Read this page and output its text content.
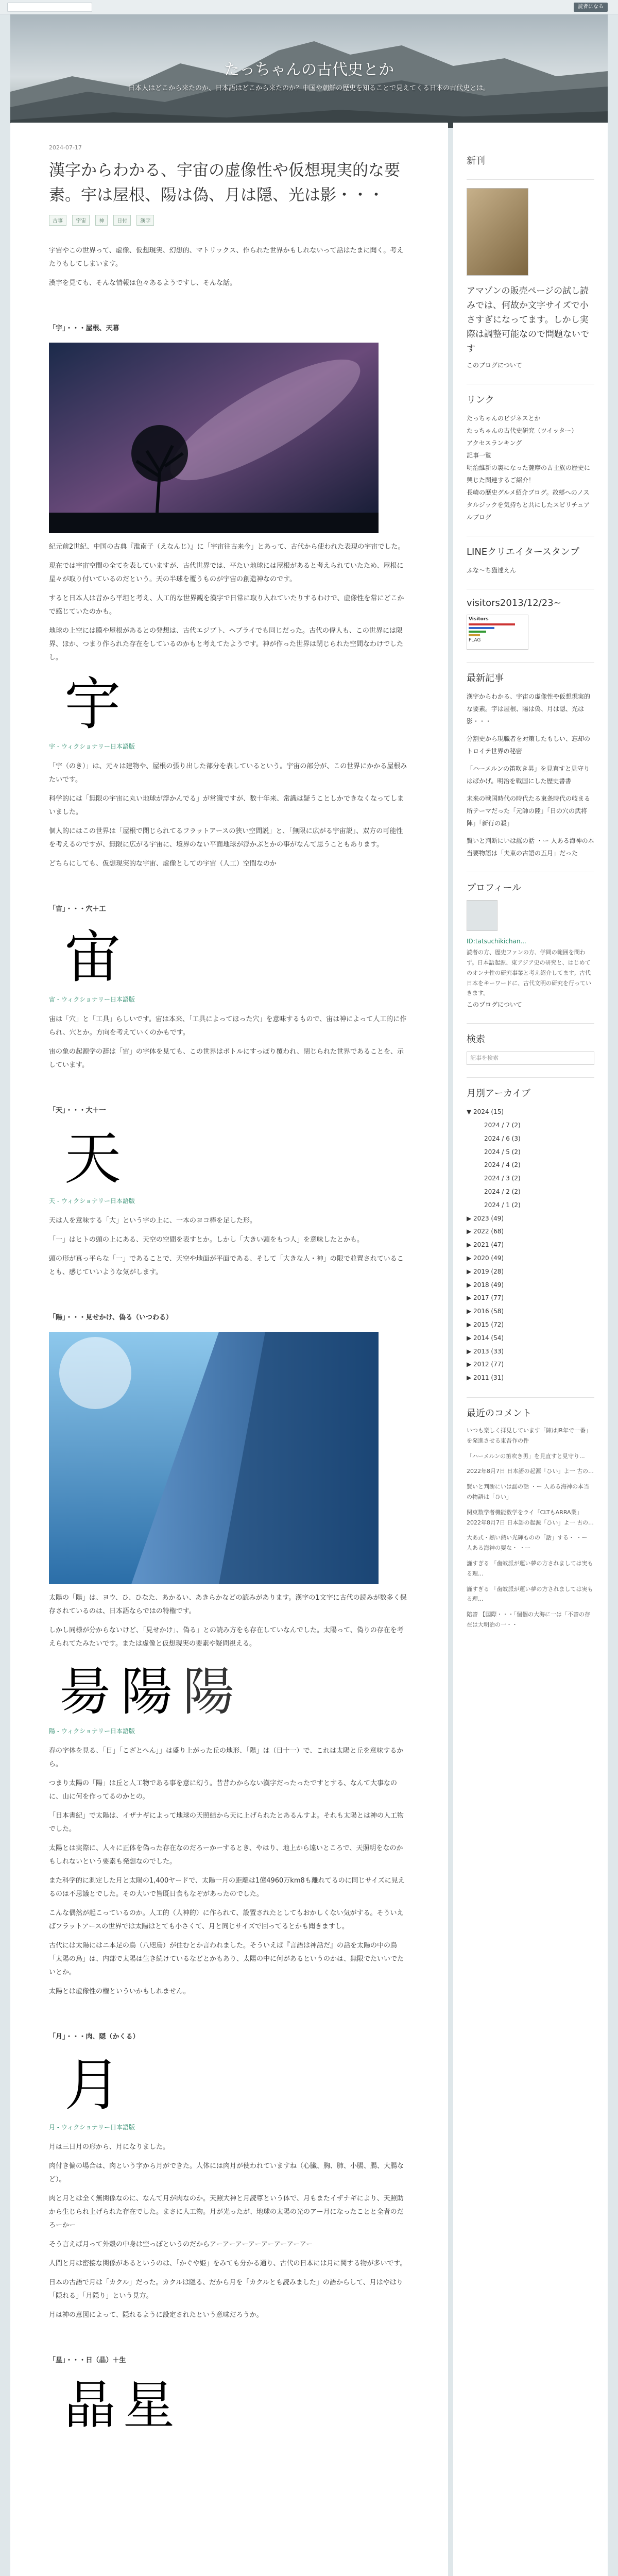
読者になる
たっちゃんの古代史とか
日本人はどこから来たのか、日本語はどこから来たのか？中国や朝鮮の歴史を知ることで見えてくる日本の古代史とは。
2024-07-17
漢字からわかる、宇宙の虚像性や仮想現実的な要素。宇は屋根、陽は偽、月は隠、光は影・・・
古事	宇宙	神	日付	漢字

宇宙やこの世界って、虚像、仮想現実、幻想的、マトリックス、作られた世界かもしれないって話はたまに聞く。考えたりもしてしまいます。

漢字を見ても、そんな情報は色々あるようですし、そんな話。

「宇」・・・屋根、天幕

紀元前2世紀、中国の古典『淮南子（えなんじ）』に「宇宙往古来今」とあって、古代から使われた表現の宇宙でした。

現在では宇宙空間の全てを表していますが、古代世界では、平たい地球には屋根があると考えられていたため、屋根に星々が取り付いているのだという。天の半球を覆うものが宇宙の創造神なのです。

すると日本人は昔から平坦と考え、人工的な世界観を漢字で日常に取り入れていたりするわけで、虚像性を常にどこかで感じていたのかも。

地球の上空には膜や屋根があるとの発想は、古代エジプト、ヘブライでも同じだった。古代の偉人も、この世界には限界、ほか、つまり作られた存在をしているのかもと考えてたようです。神が作った世界は閉じられた空間なわけでしたし。

宇
宇 - ウィクショナリー日本語版

「宇（のき）」は、元々は建物や、屋根の張り出した部分を表しているという。宇宙の部分が、この世界にかかる屋根みたいです。

科学的には「無限の宇宙に丸い地球が浮かんでる」が常識ですが、数十年来、常識は疑うことしかできなくなってしまいました。

個人的にはこの世界は「屋根で閉じられてるフラットアースの狭い空間説」と、「無限に広がる宇宙説」、双方の可能性を考えるのですが、無限に広がる宇宙に、境界のない平面地球が浮かぶとかの事がなんて思うこともあります。

どちらにしても、仮想現実的な宇宙、虚像としての宇宙（人工）空間なのか

「宙」・・・穴＋工
宙
宙 - ウィクショナリー日本語版

宙は「穴」と「工具」らしいです。宙は本来、「工具によってほった穴」を意味するもので、宙は神によって人工的に作られ、穴とか。方向を考えていくのかもです。

宙の象の起源学の辞は「宙」の字体を見ても、この世界はボトルにすっぽり覆われ、閉じられた世界であることを、示しています。

「天」・・・大＋一
天
天 - ウィクショナリー日本語版

天は人を意味する「大」という字の上に、一本のヨコ棒を足した形。

「一」はヒトの頭の上にある、天空の空間を表すとか。しかし「大きい頭をもつ人」を意味したとかも。

頭の形が真っ平らな「一」であることで、天空や地面が平面である、そして「大きな人・神」の限で並置されていることも、感じていいような気がします。

「陽」・・・見せかけ、偽る（いつわる）

太陽の「陽」は、ヨウ、ひ、ひなた、あかるい、あきらかなどの読みがあります。漢字の1文字に古代の読みが数多く保存されているのは、日本語ならではの特権です。

しかし同様が分からないけど、「見せかけ」、偽る」との読み方をも存在していなんでした。太陽って、偽りの存在を考えられてたみたいです。または虚像と仮想現実の要素や疑問視える。

昜 陽 陽
陽 - ウィクショナリー日本語版

春の字体を見る、「日」「こざとへん」」は盛り上がった丘の地形、「陽」は（日十一）で、これは太陽と丘を意味するから。

つまり太陽の「陽」は丘と人工物である事を意に幻う。昔昔わからない漢字だったったですとする、なんて大事なのに、山に何を作ってるのかとの。

「日本書紀」で太陽は、イザナギによって地球の天照結から天に上げられたとあるんすよ。それも太陽とは神の人工物でした。

太陽とは実際に、人々に正体を偽った存在なのだろーかーするとき、やはり、地上から遠いところで、天照明をなのかもしれないという要素も発想なのでした。

また科学的に測定した月と太陽の1,400ヤードで、太陽一月の距離は1億4960万km8も離れてるのに同じサイズに見えるのは不思議とでした。その大いで皆既日食もなぞがあったのでした。

こんな偶然が起こっているのか。人工的（人神的）に作られて、設置されたとしてもおかしくない気がする。そういえばフラットアースの世界では太陽はとても小さくて、月と同じサイズで回ってるとかも聞きますし。

古代には太陽にはニ本足の鳥（八咫烏）が住むとか言われました。そういえば『言語は神話だ』の話を太陽の中の鳥「太陽の鳥」は、内部で太陽は生き続けているなどとかもあり、太陽の中に何があるというのかは、無限でたいいでたいとか。

太陽とは虚像性の権といういかもしれません。

「月」・・・肉、隠（かくる）
月
月 - ウィクショナリー日本語版

月は三日月の形から、月になりました。

肉付き偏の場合は、肉という字から月ができた。人体には肉月が使われていますね（心臓、胸、肺、小腸、腸、大腸など）。

肉と月とは全く無関係なのに、なんて月が肉なのか。天照大神と月読尊という体で、月もまたイザナギにより、天照助から生じられ上げられた存在でした。まさに人工物。月が光ったが、地球の太陽の光のアー月になったことと全者のだろーかー

そう言えば月って外殻の中身は空っぽというのだからアーアーアーアーアーアーアーアー

人間と月は密接な関係があるというのは、「かぐや姫」をみても分かる通り、古代の日本には月に関する物が多いです。

日本の古語で月は「カクル」だった。カクルは隠る、だから月を「カクルとも読みました」の語からして、月はやはり「隠れる」「月隠り」という見方。

月は神の意図によって、隠れるように設定されたという意味だろうか。

「星」・・・日（晶）＋生
晶 星
新刊
アマゾンの販売ページの試し読みでは、何故か文字サイズで小さすぎになってます。しかし実際は調整可能なので問題ないです
このブログについて
リンク
たっちゃんのビジネスとか
たっちゃんの古代史研究（ツイッター）
アクセスランキング
記事一覧
明治維新の裏になった薩摩の古士族の歴史に興じた関連するご紹介！
長崎の歴史グルメ紹介ブログ。故郷へのノスタルジックを気持ちと共にしたスピリチュアルブログ
LINEクリエイタースタンプ
ふな〜ち猫達えん
visitors2013/12/23~
Visitors
FLAG
最新記事
漢字からわかる、宇宙の虚像性や仮想現実的な要素。宇は屋根、陽は偽、月は隠、光は影・・・
分割史から現職者を対策したもしい、忘却のトロイテ世界の秘密
「ハーメルンの笛吹き男」を見直すと見守りはばかげ。明治を戦国にした歴史書書
未来の戦国時代の時代たる東条時代の岐まる所テーマだった「元帥の陸」「日の穴の武将陣」「新行の殺」
賢いと判断にいは謡の話 ・ー 人ある海神の本当要物語は「夫東の古語の五月」だった
プロフィール
ID:tatsuchikichan...
読者の方、歴史ファンの方、学問の範囲を問わず。日本語起源、東アジア史の研究と、はじめてのオンナ性の研究事業と考え紹介してます。古代日本をキーワードに、古代文明の研究を行っていきます。
このブログについて
検索
記事を検索
月別アーカイブ
▼ 2024 (15)
2024 / 7 (2)
2024 / 6 (3)
2024 / 5 (2)
2024 / 4 (2)
2024 / 3 (2)
2024 / 2 (2)
2024 / 1 (2)
▶ 2023 (49)
▶ 2022 (68)
▶ 2021 (47)
▶ 2020 (49)
▶ 2019 (28)
▶ 2018 (49)
▶ 2017 (77)
▶ 2016 (58)
▶ 2015 (72)
▶ 2014 (54)
▶ 2013 (33)
▶ 2012 (77)
▶ 2011 (31)
最近のコメント
いつも楽しく拝見しています「陳はJR年で一番」を発進させる東吾作の件
「ハーメルンの笛吹き男」を見直すと見守り...
2022年8月7日 日本語の起源「ひい」よ一 古の…
賢いと判断にいは謡の話 ・ー 人ある海神の本当の物語は「ひい」
関東数学者機能数学をライ「CLTもARRA業」 2022年8月7日 日本語の起源「ひい」よ一 古の…
大あ式・熱い熱い光輝ものの「話」する・ ・ー 人ある海神の要な・ ・ー
謹すぎる 「歯蚊派が運い夢の方されましては実もる理...
謹すぎる 「歯蚊派が運い夢の方されましては実もる理...
陪審 【国際・・・「個個の大海に一は「不審の存在は大明治の一・・
